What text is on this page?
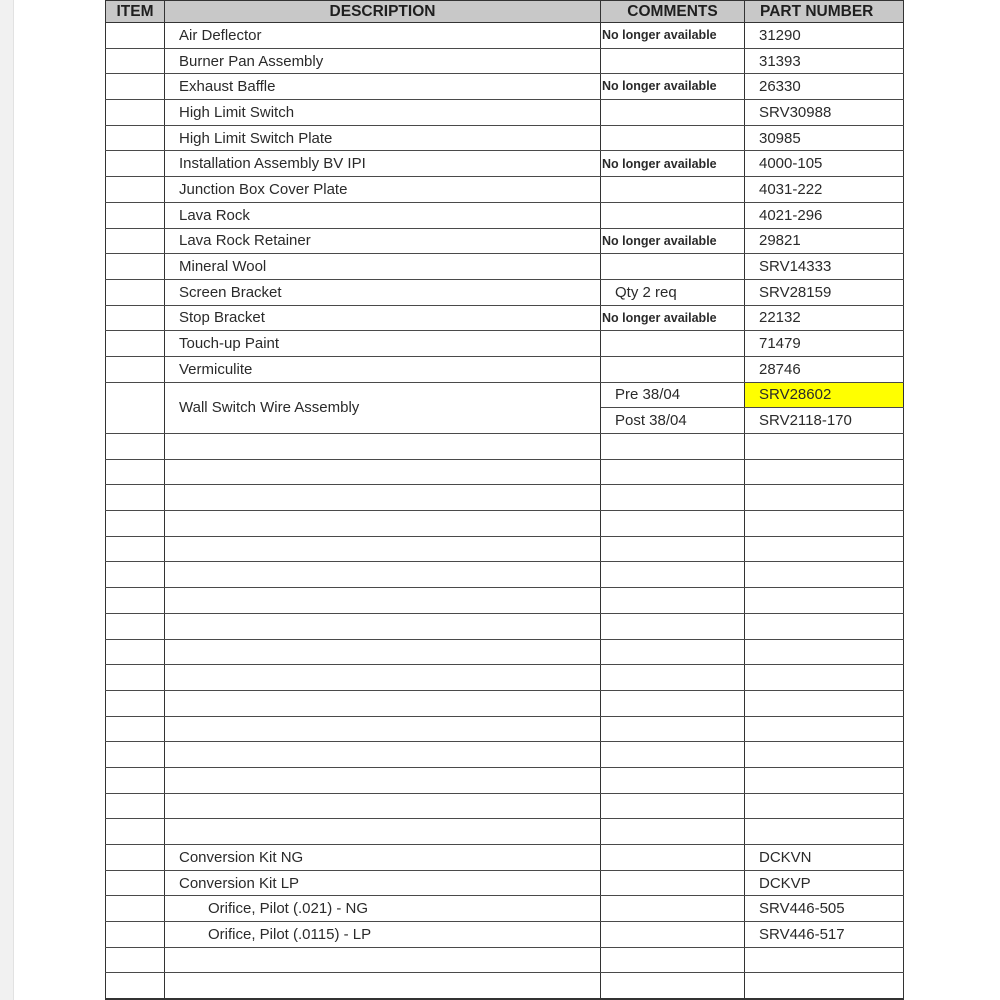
ITEM	DESCRIPTION	COMMENTS	PART NUMBER
	Air Deflector	No longer available	31290
	Burner Pan Assembly		31393
	Exhaust Baffle	No longer available	26330
	High Limit Switch		SRV30988
	High Limit Switch Plate		30985
	Installation Assembly BV IPI	No longer available	4000-105
	Junction Box Cover Plate		4031-222
	Lava Rock		4021-296
	Lava Rock Retainer	No longer available	29821
	Mineral Wool		SRV14333
	Screen Bracket	Qty 2 req	SRV28159
	Stop Bracket	No longer available	22132
	Touch-up Paint		71479
	Vermiculite		28746
	Wall Switch Wire Assembly	Pre 38/04	SRV28602
		Post 38/04	SRV2118-170

	Conversion Kit NG		DCKVN
	Conversion Kit LP		DCKVP
	Orifice, Pilot (.021) - NG		SRV446-505
	Orifice, Pilot (.0115) - LP		SRV446-517
